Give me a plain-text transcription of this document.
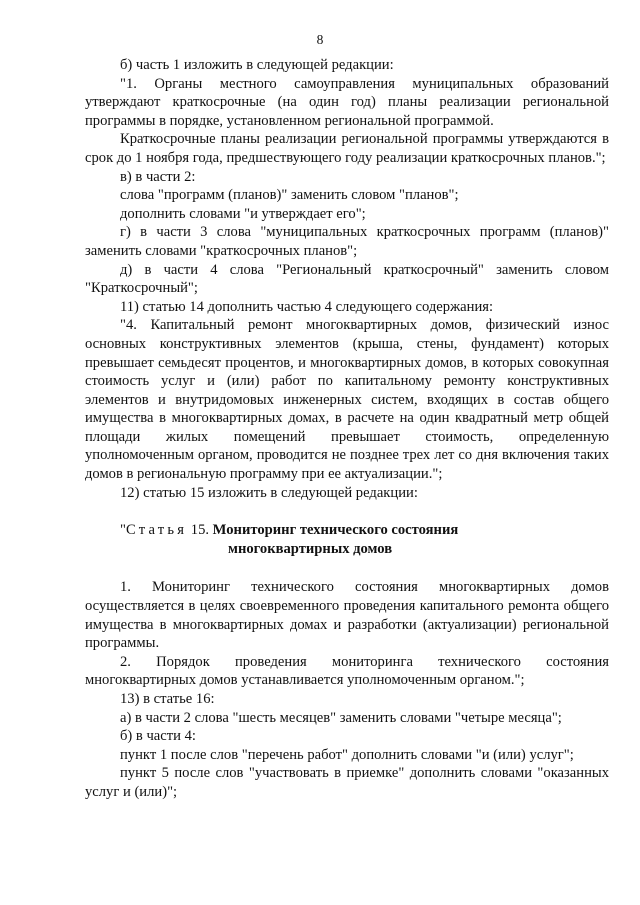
8

б) часть 1 изложить в следующей редакции:

"1. Органы местного самоуправления муниципальных образований утверждают краткосрочные (на один год) планы реализации региональной программы в порядке, установленном региональной программой.

Краткосрочные планы реализации региональной программы утверждаются в срок до 1 ноября года, предшествующего году реализации краткосрочных планов.";

в) в части 2:

слова "программ (планов)" заменить словом "планов";

дополнить словами "и утверждает его";

г) в части 3 слова "муниципальных краткосрочных программ (планов)" заменить словами "краткосрочных планов";

д) в части 4 слова "Региональный краткосрочный" заменить словом "Краткосрочный";

11) статью 14 дополнить частью 4 следующего содержания:

"4. Капитальный ремонт многоквартирных домов, физический износ основных конструктивных элементов (крыша, стены, фундамент) которых превышает семьдесят процентов, и многоквартирных домов, в которых совокупная стоимость услуг и (или) работ по капитальному ремонту конструктивных элементов и внутридомовых инженерных систем, входящих в состав общего имущества в многоквартирных домах, в расчете на один квадратный метр общей площади жилых помещений превышает стоимость, определенную уполномоченным органом, проводится не позднее трех лет со дня включения таких домов в региональную программу при ее актуализации.";

12) статью 15 изложить в следующей редакции:

"Статья 15. Мониторинг технического состояния

многоквартирных домов

1. Мониторинг технического состояния многоквартирных домов осуществляется в целях своевременного проведения капитального ремонта общего имущества в многоквартирных домах и разработки (актуализации) региональной программы.

2. Порядок проведения мониторинга технического состояния многоквартирных домов устанавливается уполномоченным органом.";

13) в статье 16:

а) в части 2 слова "шесть месяцев" заменить словами "четыре месяца";

б) в части 4:

пункт 1 после слов "перечень работ" дополнить словами "и (или) услуг";

пункт 5 после слов "участвовать в приемке" дополнить словами "оказанных услуг и (или)";
